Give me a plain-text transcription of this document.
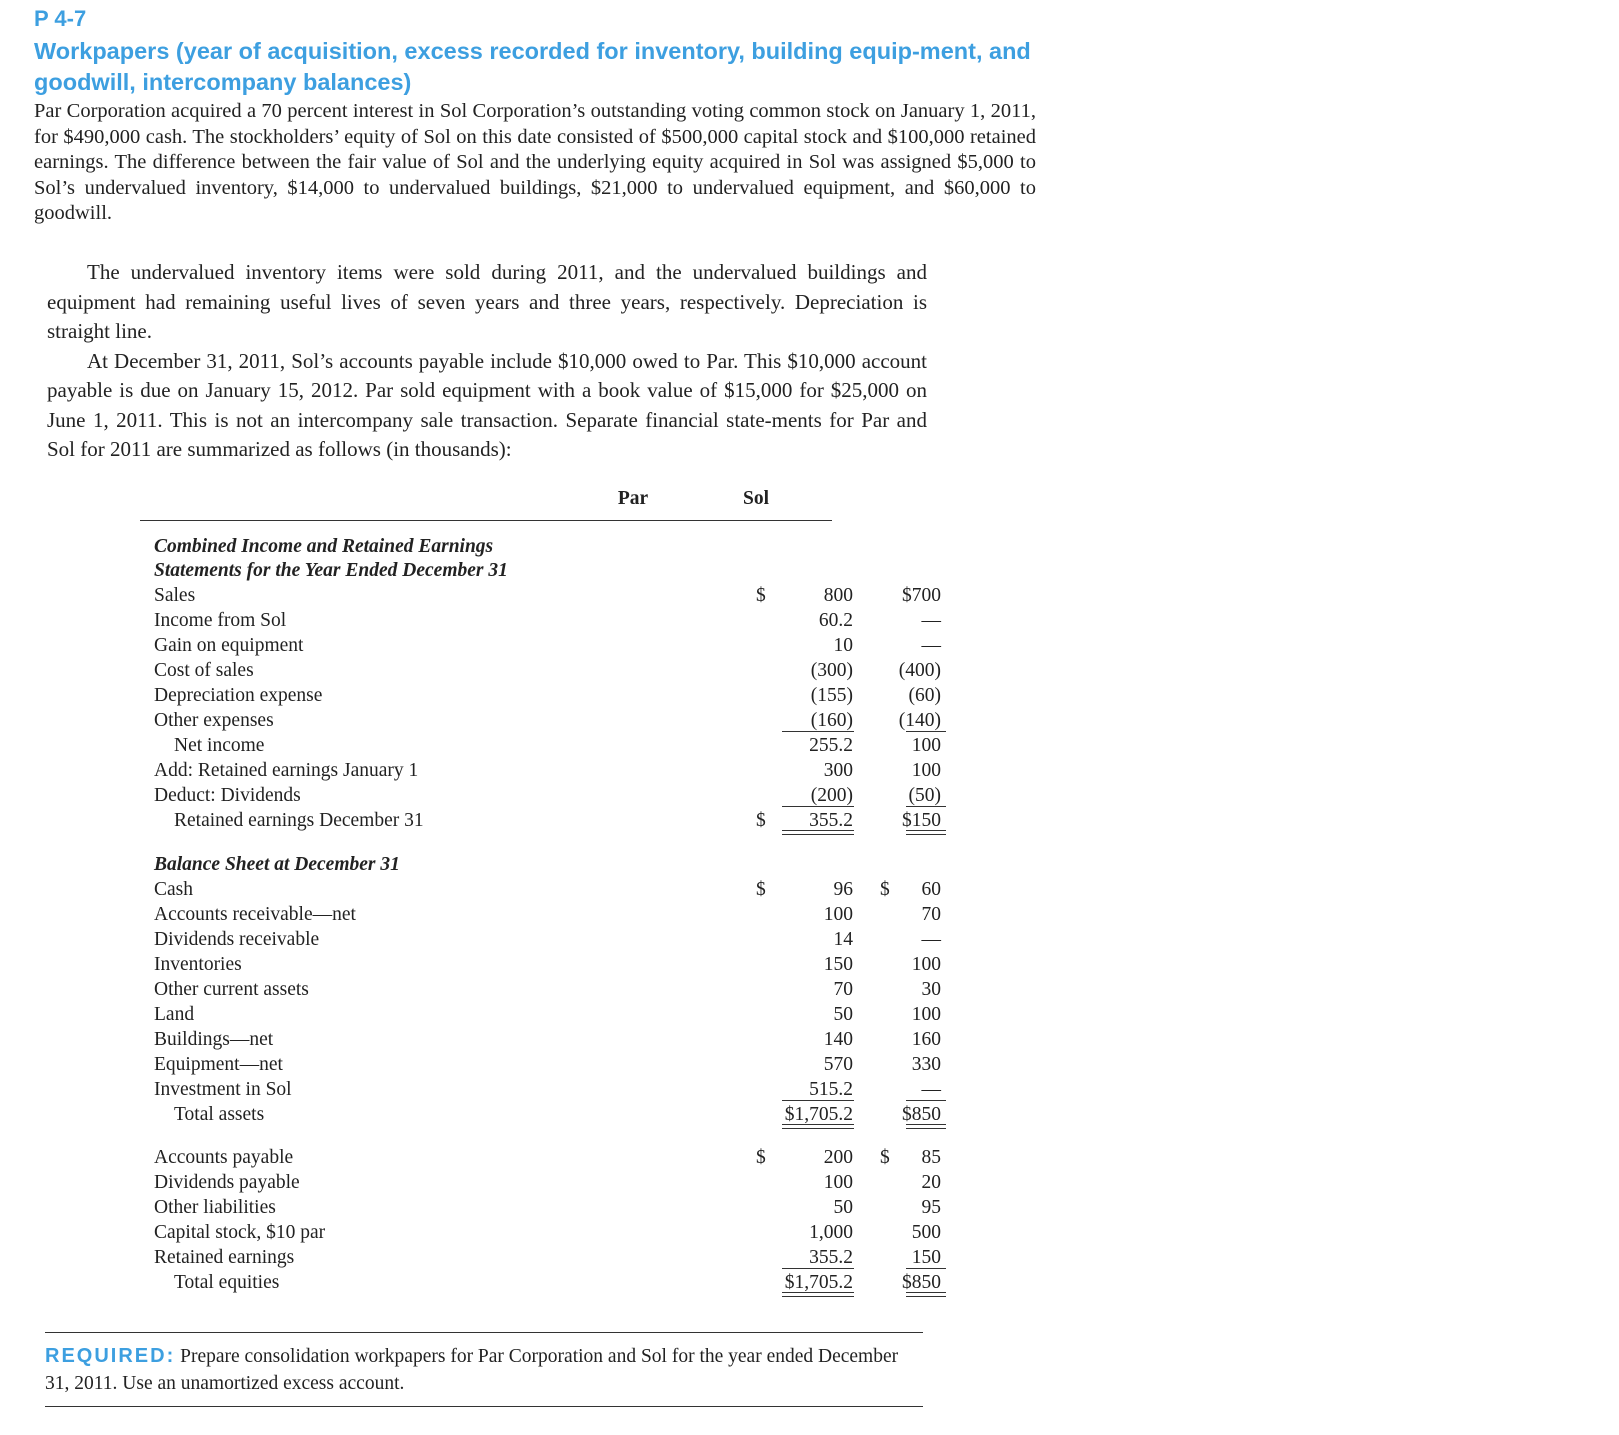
P 4-7
Workpapers (year of acquisition, excess recorded for inventory, building equip-ment, and goodwill, intercompany balances)
Par Corporation acquired a 70 percent interest in Sol Corporation’s outstanding voting common stock on January 1, 2011, for $490,000 cash. The stockholders’ equity of Sol on this date consisted of $500,000 capital stock and $100,000 retained earnings. The difference between the fair value of Sol and the underlying equity acquired in Sol was assigned $5,000 to Sol’s undervalued inventory, $14,000 to undervalued buildings, $21,000 to undervalued equipment, and $60,000 to goodwill.

The undervalued inventory items were sold during 2011, and the undervalued buildings and equipment had remaining useful lives of seven years and three years, respectively. Depreciation is straight line.

At December 31, 2011, Sol’s accounts payable include $10,000 owed to Par. This $10,000 account payable is due on January 15, 2012. Par sold equipment with a book value of $15,000 for $25,000 on June 1, 2011. This is not an intercompany sale transaction. Separate financial state-ments for Par and Sol for 2011 are summarized as follows (in thousands):

Par	Sol
Combined Income and Retained Earnings
Statements for the Year Ended December 31
Sales	$	800	$700
Income from Sol	60.2	—
Gain on equipment	10	—
Cost of sales	(300) (400)
Depreciation expense	(155)	(60)
Other expenses	(160) (140)
Net income	255.2	100
Add: Retained earnings January 1	300	100
Deduct: Dividends	(200)	(50)
Retained earnings December 31	$ 355.2	$150
Balance Sheet at December 31
Cash	$	96 $ 60
Accounts receivable—net	100	70
Dividends receivable	14	—
Inventories	150	100
Other current assets	70	30
Land	50	100
Buildings—net	140	160
Equipment—net	570	330
Investment in Sol	515.2	—
Total assets	$1,705.2	$850
Accounts payable	$	200 $ 85
Dividends payable	100	20
Other liabilities	50	95
Capital stock, $10 par	1,000	500
Retained earnings	355.2	150
Total equities	$1,705.2	$850
REQUIRED: Prepare consolidation workpapers for Par Corporation and Sol for the year ended December 31, 2011. Use an unamortized excess account.
